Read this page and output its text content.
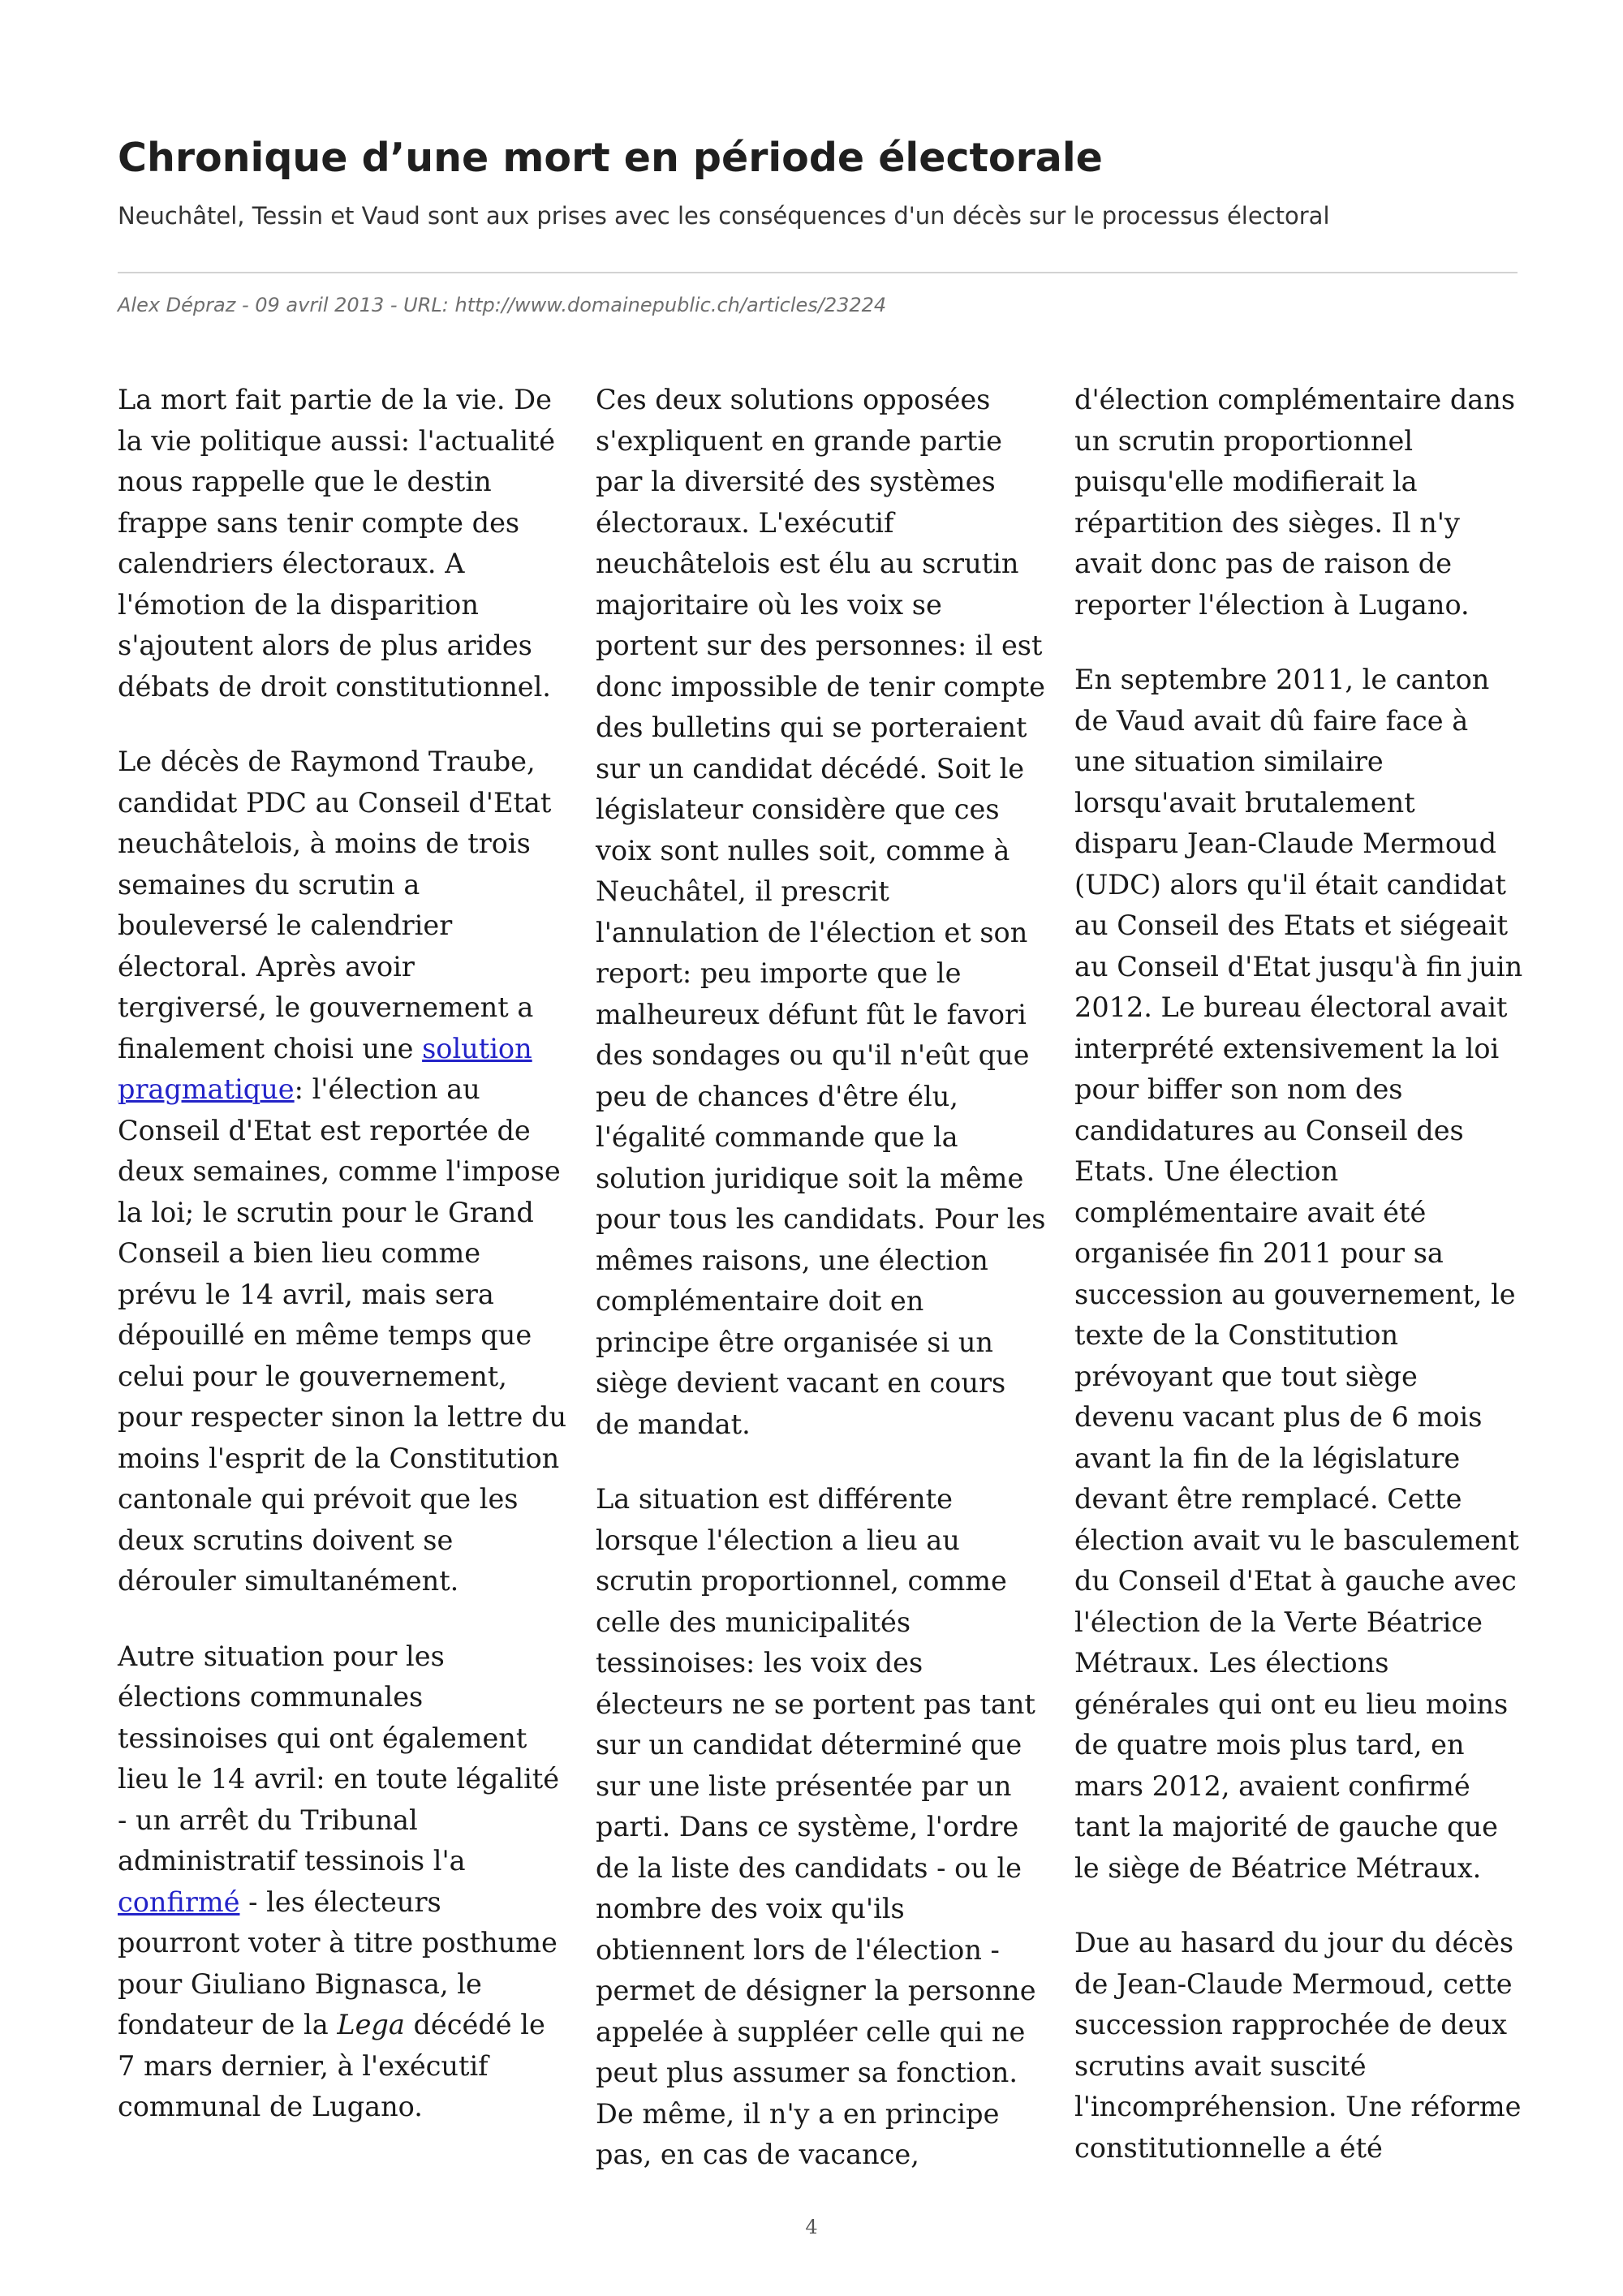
Chronique d’une mort en période électorale

Neuchâtel, Tessin et Vaud sont aux prises avec les conséquences d'un décès sur le processus électoral

Alex Dépraz - 09 avril 2013 - URL: http://www.domainepublic.ch/articles/23224

La mort fait partie de la vie. De la vie politique aussi: l'actualité nous rappelle que le destin frappe sans tenir compte des calendriers électoraux. A l'émotion de la disparition s'ajoutent alors de plus arides débats de droit constitutionnel.

Le décès de Raymond Traube, candidat PDC au Conseil d'Etat neuchâtelois, à moins de trois semaines du scrutin a bouleversé le calendrier électoral. Après avoir tergiversé, le gouvernement a finalement choisi une solution pragmatique: l'élection au Conseil d'Etat est reportée de deux semaines, comme l'impose la loi; le scrutin pour le Grand Conseil a bien lieu comme prévu le 14 avril, mais sera dépouillé en même temps que celui pour le gouvernement, pour respecter sinon la lettre du moins l'esprit de la Constitution cantonale qui prévoit que les deux scrutins doivent se dérouler simultanément.

Autre situation pour les élections communales tessinoises qui ont également lieu le 14 avril: en toute légalité - un arrêt du Tribunal administratif tessinois l'a confirmé - les électeurs pourront voter à titre posthume pour Giuliano Bignasca, le fondateur de la Lega décédé le 7 mars dernier, à l'exécutif communal de Lugano.

Ces deux solutions opposées s'expliquent en grande partie par la diversité des systèmes électoraux. L'exécutif neuchâtelois est élu au scrutin majoritaire où les voix se portent sur des personnes: il est donc impossible de tenir compte des bulletins qui se porteraient sur un candidat décédé. Soit le législateur considère que ces voix sont nulles soit, comme à Neuchâtel, il prescrit l'annulation de l'élection et son report: peu importe que le malheureux défunt fût le favori des sondages ou qu'il n'eût que peu de chances d'être élu, l'égalité commande que la solution juridique soit la même pour tous les candidats. Pour les mêmes raisons, une élection complémentaire doit en principe être organisée si un siège devient vacant en cours de mandat.

La situation est différente lorsque l'élection a lieu au scrutin proportionnel, comme celle des municipalités tessinoises: les voix des électeurs ne se portent pas tant sur un candidat déterminé que sur une liste présentée par un parti. Dans ce système, l'ordre de la liste des candidats - ou le nombre des voix qu'ils obtiennent lors de l'élection - permet de désigner la personne appelée à suppléer celle qui ne peut plus assumer sa fonction. De même, il n'y a en principe pas, en cas de vacance,

d'élection complémentaire dans un scrutin proportionnel puisqu'elle modifierait la répartition des sièges. Il n'y avait donc pas de raison de reporter l'élection à Lugano.

En septembre 2011, le canton de Vaud avait dû faire face à une situation similaire lorsqu'avait brutalement disparu Jean-Claude Mermoud (UDC) alors qu'il était candidat au Conseil des Etats et siégeait au Conseil d'Etat jusqu'à fin juin 2012. Le bureau électoral avait interprété extensivement la loi pour biffer son nom des candidatures au Conseil des Etats. Une élection complémentaire avait été organisée fin 2011 pour sa succession au gouvernement, le texte de la Constitution prévoyant que tout siège devenu vacant plus de 6 mois avant la fin de la législature devant être remplacé. Cette élection avait vu le basculement du Conseil d'Etat à gauche avec l'élection de la Verte Béatrice Métraux. Les élections générales qui ont eu lieu moins de quatre mois plus tard, en mars 2012, avaient confirmé tant la majorité de gauche que le siège de Béatrice Métraux.

Due au hasard du jour du décès de Jean-Claude Mermoud, cette succession rapprochée de deux scrutins avait suscité l'incompréhension. Une réforme constitutionnelle a été

4
